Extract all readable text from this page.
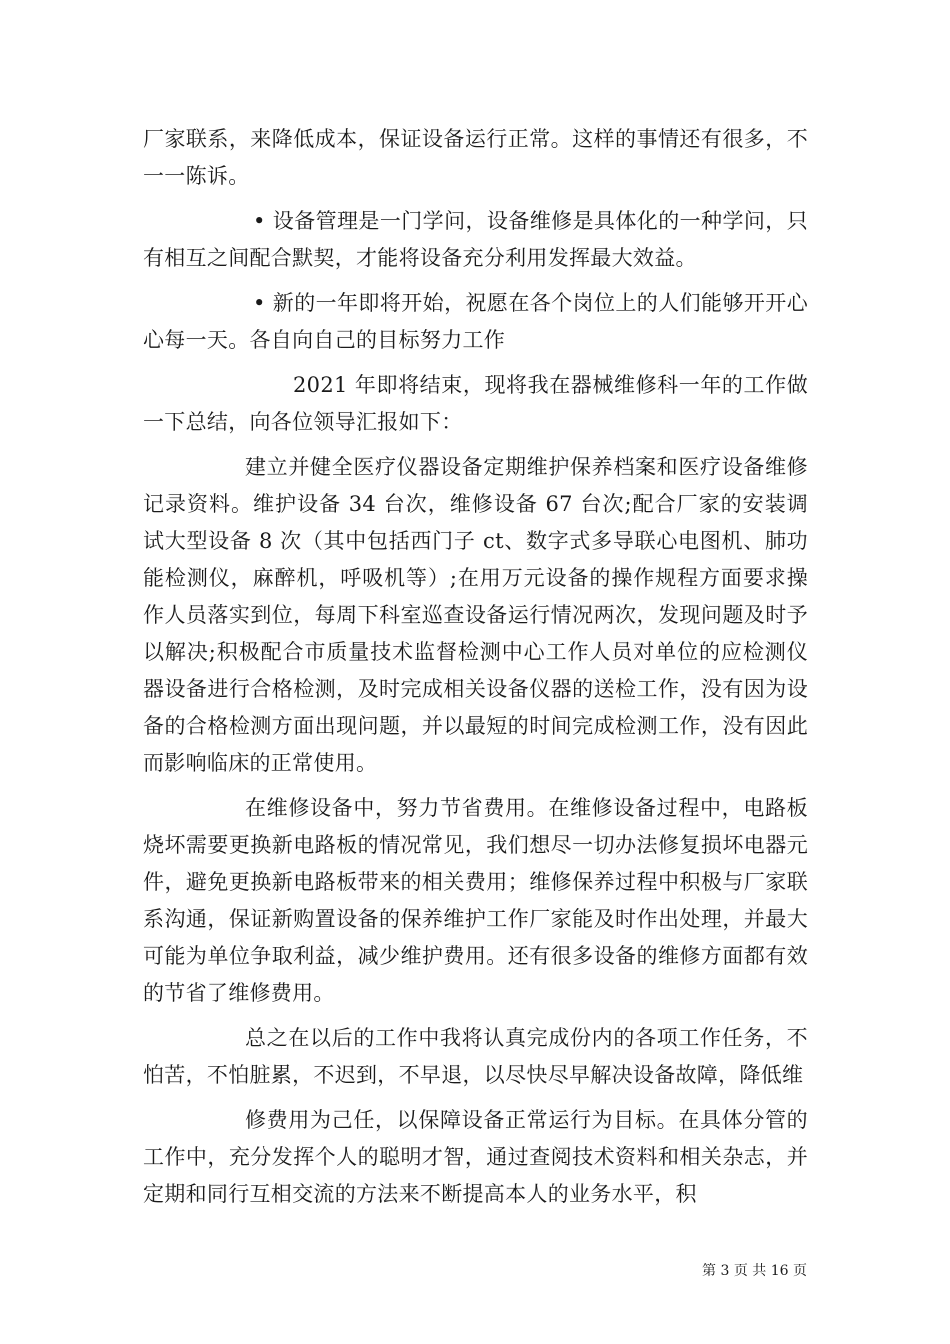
厂家联系，来降低成本，保证设备运行正常。这样的事情还有很多，不一一陈诉。

• 设备管理是一门学问，设备维修是具体化的一种学问，只有相互之间配合默契，才能将设备充分利用发挥最大效益。

• 新的一年即将开始，祝愿在各个岗位上的人们能够开开心心每一天。各自向自己的目标努力工作

2021 年即将结束，现将我在器械维修科一年的工作做一下总结，向各位领导汇报如下：

建立并健全医疗仪器设备定期维护保养档案和医疗设备维修记录资料。维护设备 34 台次，维修设备 67 台次;配合厂家的安装调试大型设备 8 次（其中包括西门子 ct、数字式多导联心电图机、肺功能检测仪，麻醉机，呼吸机等）;在用万元设备的操作规程方面要求操作人员落实到位，每周下科室巡查设备运行情况两次，发现问题及时予以解决;积极配合市质量技术监督检测中心工作人员对单位的应检测仪器设备进行合格检测，及时完成相关设备仪器的送检工作，没有因为设备的合格检测方面出现问题，并以最短的时间完成检测工作，没有因此而影响临床的正常使用。

在维修设备中，努力节省费用。在维修设备过程中，电路板烧坏需要更换新电路板的情况常见，我们想尽一切办法修复损坏电器元件，避免更换新电路板带来的相关费用；维修保养过程中积极与厂家联系沟通，保证新购置设备的保养维护工作厂家能及时作出处理，并最大可能为单位争取利益，减少维护费用。还有很多设备的维修方面都有效的节省了维修费用。

总之在以后的工作中我将认真完成份内的各项工作任务，不怕苦，不怕脏累，不迟到，不早退，以尽快尽早解决设备故障，降低维

修费用为己任，以保障设备正常运行为目标。在具体分管的工作中，充分发挥个人的聪明才智，通过查阅技术资料和相关杂志，并定期和同行互相交流的方法来不断提高本人的业务水平，积

第 3 页 共 16 页
